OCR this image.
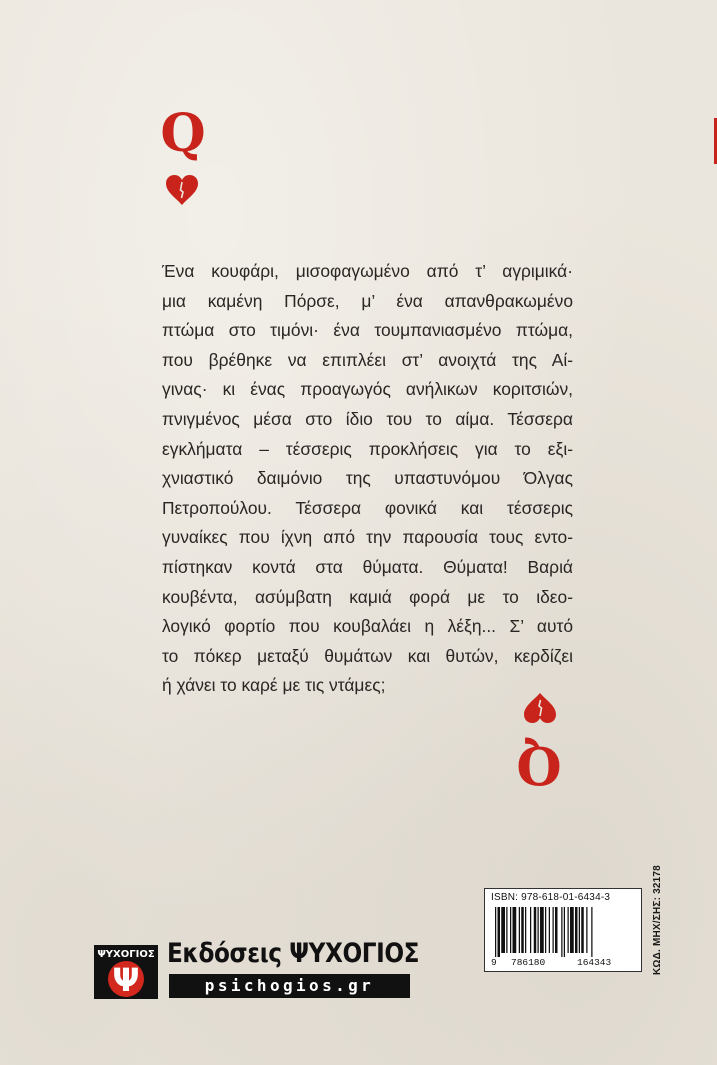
Q

Ένα κουφάρι, μισοφαγωμένο από τ’ αγριμικά·
μια καμένη Πόρσε, μ’ ένα απανθρακωμένο
πτώμα στο τιμόνι· ένα τουμπανιασμένο πτώμα,
που βρέθηκε να επιπλέει στ’ ανοιχτά της Αί-
γινας· κι ένας προαγωγός ανήλικων κοριτσιών,
πνιγμένος μέσα στο ίδιο του το αίμα. Τέσσερα
εγκλήματα – τέσσερις προκλήσεις για το εξι-
χνιαστικό δαιμόνιο της υπαστυνόμου Όλγας
Πετροπούλου. Τέσσερα φονικά και τέσσερις
γυναίκες που ίχνη από την παρουσία τους εντο-
πίστηκαν κοντά στα θύματα. Θύματα! Βαριά
κουβέντα, ασύμβατη καμιά φορά με το ιδεο-
λογικό φορτίο που κουβαλάει η λέξη... Σ’ αυτό
το πόκερ μεταξύ θυμάτων και θυτών, κερδίζει
ή χάνει το καρέ με τις ντάμες;

Q
ISBN: 978-618-01-6434-3
9 786180	164343	ΚΩΔ. ΜΗΧ/ΣΗΣ: 32178
ΨΥΧΟΓΙΟΣ
Ψ
Εκδόσεις ΨΥΧΟΓΙΟΣ
psichogios.gr
